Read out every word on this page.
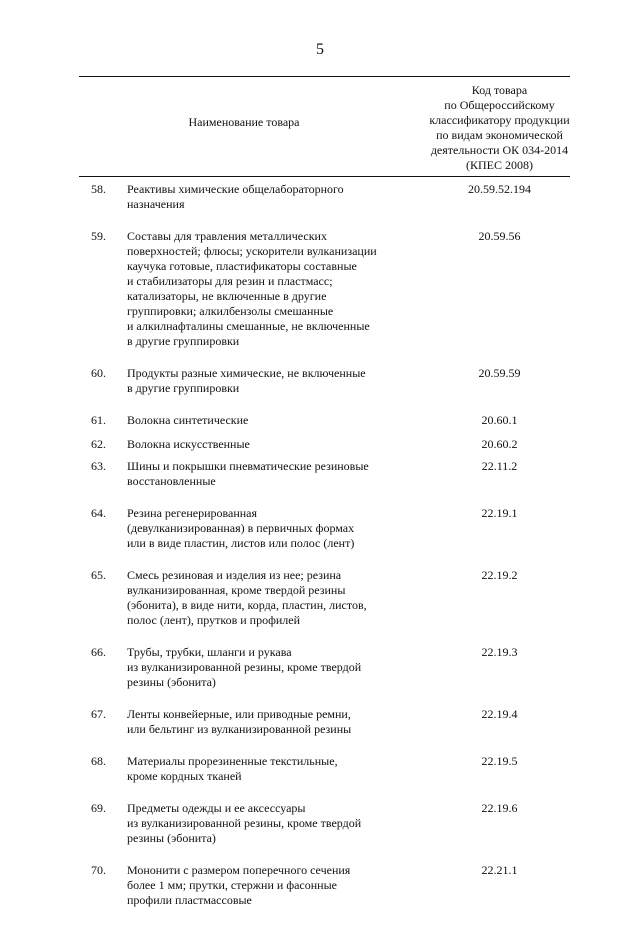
5
Наименование товара
Код товара
по Общероссийскому
классификатору продукции
по видам экономической
деятельности ОК 034-2014
(КПЕС 2008)
58.	Реактивы химические общелабораторного
назначения
20.59.52.194
59.	Составы для травления металлических
поверхностей; флюсы; ускорители вулканизации
каучука готовые, пластификаторы составные
и стабилизаторы для резин и пластмасс;
катализаторы, не включенные в другие
группировки; алкилбензолы смешанные
и алкилнафталины смешанные, не включенные
в другие группировки
20.59.56
60.	Продукты разные химические, не включенные
в другие группировки
20.59.59
61.	Волокна синтетические	20.60.1
62.	Волокна искусственные	20.60.2
63.	Шины и покрышки пневматические резиновые
восстановленные
22.11.2
64.	Резина регенерированная
(девулканизированная) в первичных формах
или в виде пластин, листов или полос (лент)
22.19.1
65.	Смесь резиновая и изделия из нее; резина
вулканизированная, кроме твердой резины
(эбонита), в виде нити, корда, пластин, листов,
полос (лент), прутков и профилей
22.19.2
66.	Трубы, трубки, шланги и рукава
из вулканизированной резины, кроме твердой
резины (эбонита)
22.19.3
67.	Ленты конвейерные, или приводные ремни,
или бельтинг из вулканизированной резины
22.19.4
68.	Материалы прорезиненные текстильные,
кроме кордных тканей
22.19.5
69.	Предметы одежды и ее аксессуары
из вулканизированной резины, кроме твердой
резины (эбонита)
22.19.6
70.	Мононити с размером поперечного сечения
более 1 мм; прутки, стержни и фасонные
профили пластмассовые
22.21.1
